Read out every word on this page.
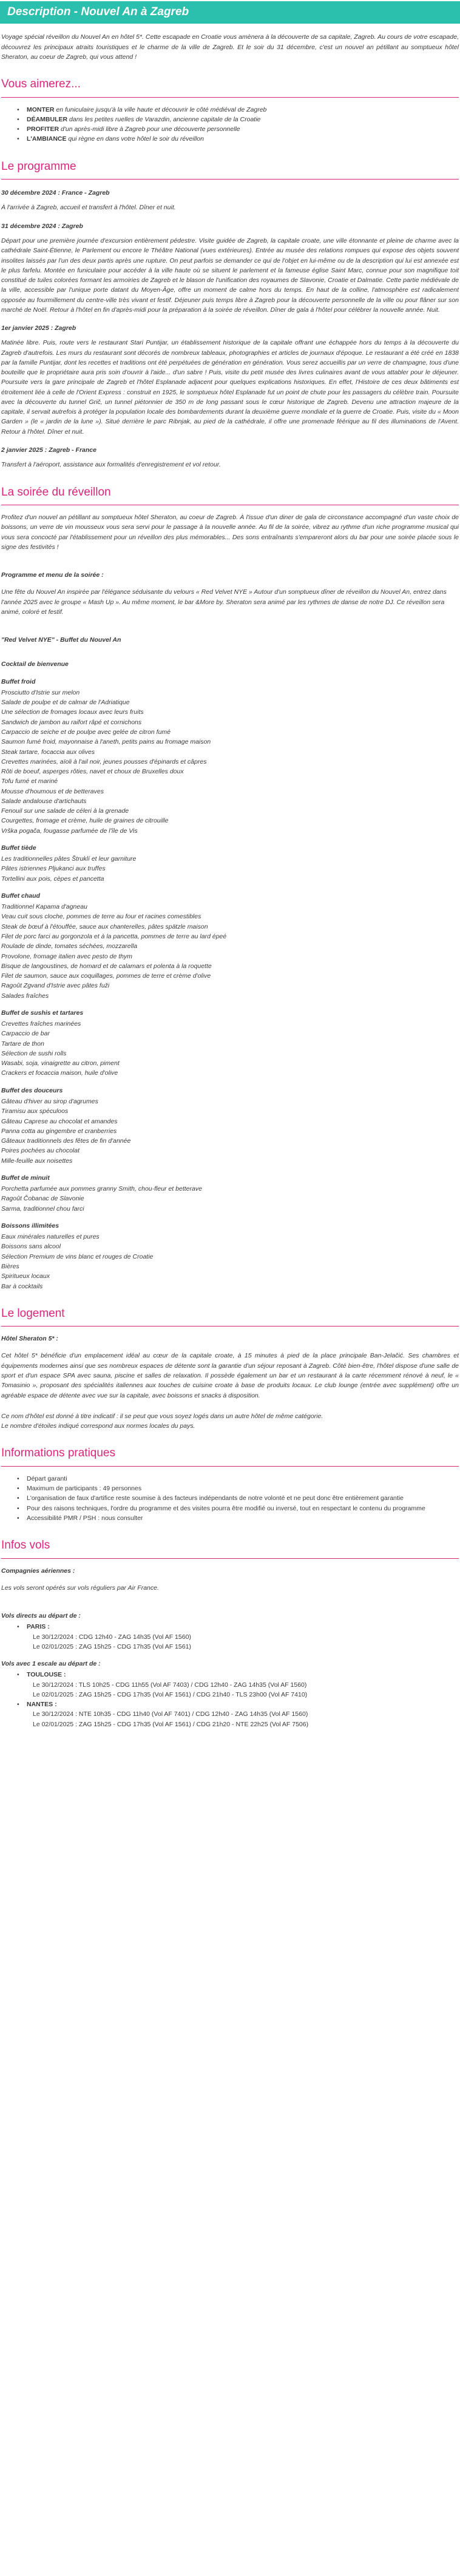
Description - Nouvel An à Zagreb

Voyage spécial réveillon du Nouvel An en hôtel 5*. Cette escapade en Croatie vous amènera à la découverte de sa capitale, Zagreb. Au cours de votre escapade, découvrez les principaux atraits touristiques et le charme de la ville de Zagreb. Et le soir du 31 décembre, c'est un nouvel an pétillant au somptueux hôtel Sheraton, au coeur de Zagreb, qui vous attend !

Vous aimerez...
• MONTER en funiculaire jusqu'à la ville haute et découvrir le côté médiéval de Zagreb
• DÉAMBULER dans les petites ruelles de Varazdin, ancienne capitale de la Croatie
• PROFITER d'un après-midi libre à Zagreb pour une découverte personnelle
• L'AMBIANCE qui règne en dans votre hôtel le soir du réveillon
Le programme
30 décembre 2024 : France - Zagreb

À l'arrivée à Zagreb, accueil et transfert à l'hôtel. Dîner et nuit.

31 décembre 2024 : Zagreb

Départ pour une première journée d'excursion entièrement pédestre. Visite guidée de Zagreb, la capitale croate, une ville étonnante et pleine de charme avec la cathédrale Saint-Étienne, le Parlement ou encore le Théâtre National (vues extérieures). Entrée au musée des relations rompues qui expose des objets souvent insolites laissés par l'un des deux partis après une rupture. On peut parfois se demander ce qui de l'objet en lui-même ou de la description qui lui est annexée est le plus farfelu. Montée en funiculaire pour accéder à la ville haute où se situent le parlement et la fameuse église Saint Marc, connue pour son magnifique toit constitué de tuiles colorées formant les armoiries de Zagreb et le blason de l'unification des royaumes de Slavonie, Croatie et Dalmatie. Cette partie médiévale de la ville, accessible par l'unique porte datant du Moyen-Âge, offre un moment de calme hors du temps. En haut de la colline, l'atmosphère est radicalement opposée au fourmillement du centre-ville très vivant et festif. Déjeuner puis temps libre à Zagreb pour la découverte personnelle de la ville ou pour flâner sur son marché de Noël. Retour à l'hôtel en fin d'après-midi pour la préparation à la soirée de réveillon. Dîner de gala à l'hôtel pour célébrer la nouvelle année. Nuit.

1er janvier 2025 : Zagreb

Matinée libre. Puis, route vers le restaurant Stari Puntijar, un établissement historique de la capitale offrant une échappée hors du temps à la découverte du Zagreb d'autrefois. Les murs du restaurant sont décorés de nombreux tableaux, photographies et articles de journaux d'époque. Le restaurant a été créé en 1838 par la famille Puntijar, dont les recettes et traditions ont été perpétuées de génération en génération. Vous serez accueillis par un verre de champagne, tous d'une bouteille que le propriétaire aura pris soin d'ouvrir à l'aide... d'un sabre ! Puis, visite du petit musée des livres culinaires avant de vous attabler pour le déjeuner. Poursuite vers la gare principale de Zagreb et l'hôtel Esplanade adjacent pour quelques explications historiques. En effet, l'Histoire de ces deux bâtiments est étroitement liée à celle de l'Orient Express : construit en 1925, le somptueux hôtel Esplanade fut un point de chute pour les passagers du célèbre train. Poursuite avec la découverte du tunnel Grič, un tunnel piétonnier de 350 m de long passant sous le cœur historique de Zagreb. Devenu une attraction majeure de la capitale, il servait autrefois à protéger la population locale des bombardements durant la deuxième guerre mondiale et la guerre de Croatie. Puis, visite du « Moon Garden » (le « jardin de la lune »). Situé derrière le parc Ribnjak, au pied de la cathédrale, il offre une promenade féérique au fil des illuminations de l'Avent. Retour à l'hôtel. Dîner et nuit.

2 janvier 2025 : Zagreb - France

Transfert à l'aéroport, assistance aux formalités d'enregistrement et vol retour.

La soirée du réveillon

Profitez d'un nouvel an pétillant au somptueux hôtel Sheraton, au coeur de Zagreb. À l'issue d'un diner de gala de circonstance accompagné d'un vaste choix de boissons, un verre de vin mousseux vous sera servi pour le passage à la nouvelle année. Au fil de la soirée, vibrez au rythme d'un riche programme musical qui vous sera concocté par l'établissement pour un réveillon des plus mémorables... Des sons entraînants s'empareront alors du bar pour une soirée placée sous le signe des festivités !

Programme et menu de la soirée :

Une fête du Nouvel An inspirée par l'élégance séduisante du velours « Red Velvet NYE » Autour d'un somptueux dîner de réveillon du Nouvel An, entrez dans l'année 2025 avec le groupe « Mash Up ». Au même moment, le bar &More by. Sheraton sera animé par les rythmes de danse de notre DJ. Ce réveillon sera animé, coloré et festif.

"Red Velvet NYE" - Buffet du Nouvel An
Cocktail de bienvenue
Buffet froid
Prosciutto d'Istrie sur melon
Salade de poulpe et de calmar de l'Adriatique
Une sélection de fromages locaux avec leurs fruits
Sandwich de jambon au raifort râpé et cornichons
Carpaccio de seiche et de poulpe avec gelée de citron fumé
Saumon fumé froid, mayonnaise à l'aneth, petits pains au fromage maison
Steak tartare, focaccia aux olives
Crevettes marinées, aïoli à l'ail noir, jeunes pousses d'épinards et câpres
Rôti de boeuf, asperges rôties, navet et choux de Bruxelles doux
Tofu fumé et mariné
Mousse d'houmous et de betteraves
Salade andalouse d'artichauts
Fenouil sur une salade de céleri à la grenade
Courgettes, fromage et crème, huile de graines de citrouille
Vrška pogača, fougasse parfumée de l'île de Vis
Buffet tiède
Les traditionnelles pâtes Štruklí et leur garniture
Pâtes istriennes Pljukanci aux truffes
Tortellini aux pois, cèpes et pancetta
Buffet chaud
Traditionnel Kapama d'agneau
Veau cuit sous cloche, pommes de terre au four et racines comestibles
Steak de bœuf à l'étouffée, sauce aux chanterelles, pâtes spätzle maison
Filet de porc farci au gorgonzola et à la pancetta, pommes de terre au lard épeé
Roulade de dinde, tomates séchées, mozzarella
Provolone, fromage italien avec pesto de thym
Bisque de langoustines, de homard et de calamars et polenta à la roquette
Filet de saumon, sauce aux coquillages, pommes de terre et crème d'olive
Ragoût Zgvand d'Istrie avec pâtes fuži
Salades fraîches
Buffet de sushis et tartares
Crevettes fraîches marinées
Carpaccio de bar
Tartare de thon
Sélection de sushi rolls
Wasabi, soja, vinaigrette au citron, piment
Crackers et focaccia maison, huile d'olive
Buffet des douceurs
Gâteau d'hiver au sirop d'agrumes
Tiramisu aux spéculoos
Gâteau Caprese au chocolat et amandes
Panna cotta au gingembre et cranberries
Gâteaux traditionnels des fêtes de fin d'année
Poires pochées au chocolat
Mille-feuille aux noisettes
Buffet de minuit
Porchetta parfumée aux pommes granny Smith, chou-fleur et betterave
Ragoût Čobanac de Slavonie
Sarma, traditionnel chou farci
Boissons illimitées
Eaux minérales naturelles et pures
Boissons sans alcool
Sélection Premium de vins blanc et rouges de Croatie
Bières
Spiritueux locaux
Bar à cocktails
Le logement
Hôtel Sheraton 5* :

Cet hôtel 5* bénéficie d'un emplacement idéal au cœur de la capitale croate, à 15 minutes à pied de la place principale Ban-Jelačić. Ses chambres et équipements modernes ainsi que ses nombreux espaces de détente sont la garantie d'un séjour reposant à Zagreb. Côté bien-être, l'hôtel dispose d'une salle de sport et d'un espace SPA avec sauna, piscine et salles de relaxation. Il possède également un bar et un restaurant à la carte récemment rénové à neuf, le « Tomasinio », proposant des spécialités italiennes aux touches de cuisine croate à base de produits locaux. Le club lounge (entrée avec supplément) offre un agréable espace de détente avec vue sur la capitale, avec boissons et snacks à disposition.

Ce nom d'hôtel est donné à titre indicatif : il se peut que vous soyez logés dans un autre hôtel de même catégorie.

Le nombre d'étoiles indiqué correspond aux normes locales du pays.

Informations pratiques
• Départ garanti
• Maximum de participants : 49 personnes
• L'organisation de faux d'artifice reste soumise à des facteurs indépendants de notre volonté et ne peut donc être entièrement garantie
• Pour des raisons techniques, l'ordre du programme et des visites pourra être modifié ou inversé, tout en respectant le contenu du programme
• Accessibilité PMR / PSH : nous consulter
Infos vols
Compagnies aériennes :

Les vols seront opérés sur vols réguliers par Air France.

Vols directs au départ de :
• PARIS :
Le 30/12/2024 : CDG 12h40 - ZAG 14h35 (Vol AF 1560)
Le 02/01/2025 : ZAG 15h25 - CDG 17h35 (Vol AF 1561)
Vols avec 1 escale au départ de :
• TOULOUSE :
Le 30/12/2024 : TLS 10h25 - CDG 11h55 (Vol AF 7403) / CDG 12h40 - ZAG 14h35 (Vol AF 1560)
Le 02/01/2025 : ZAG 15h25 - CDG 17h35 (Vol AF 1561) / CDG 21h40 - TLS 23h00 (Vol AF 7410)
• NANTES :
Le 30/12/2024 : NTE 10h35 - CDG 11h40 (Vol AF 7401) / CDG 12h40 - ZAG 14h35 (Vol AF 1560)
Le 02/01/2025 : ZAG 15h25 - CDG 17h35 (Vol AF 1561) / CDG 21h20 - NTE 22h25 (Vol AF 7506)
